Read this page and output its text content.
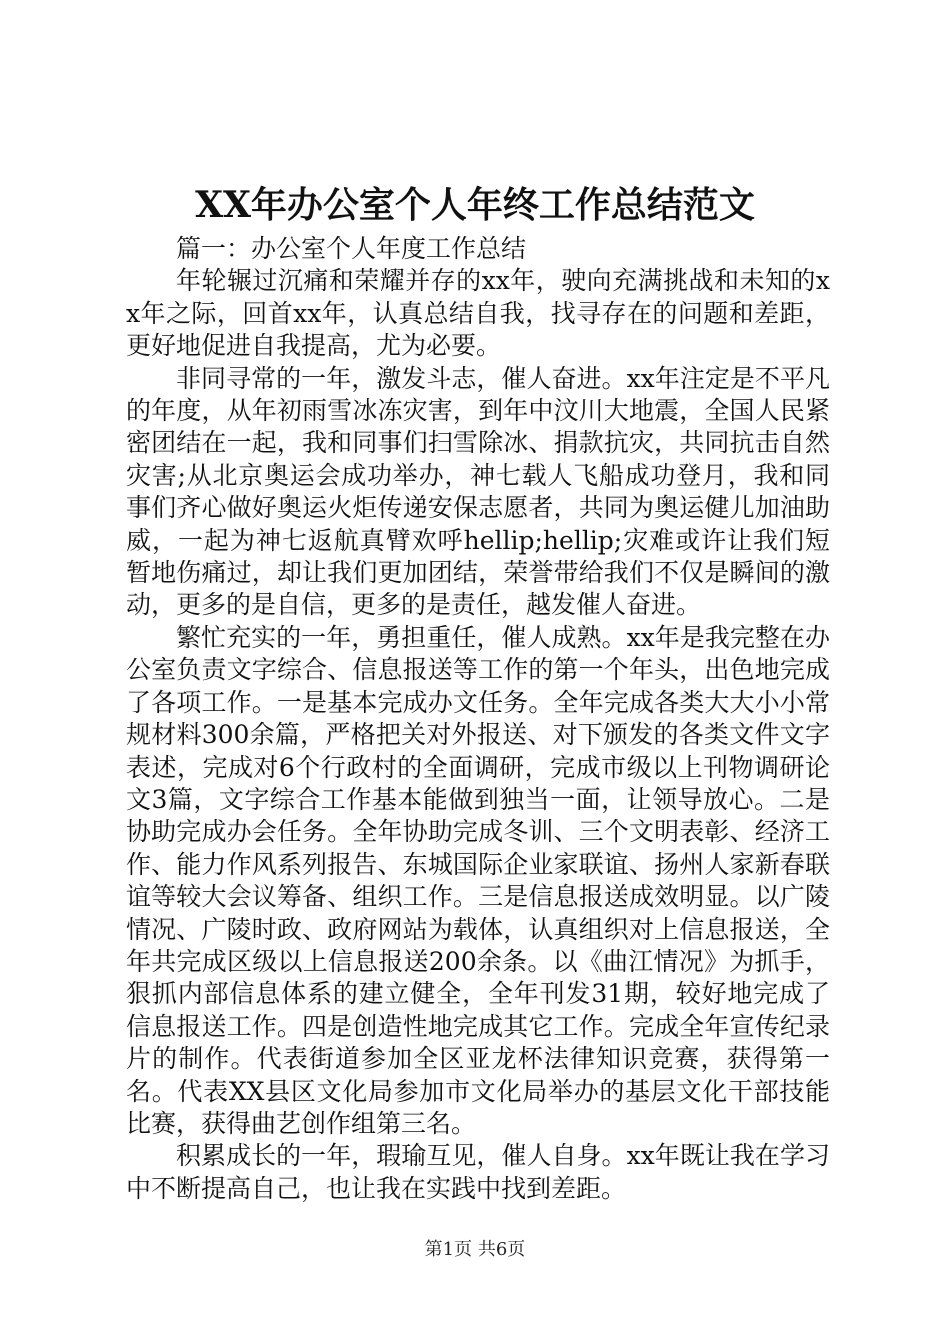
XX年办公室个人年终工作总结范文

篇一：办公室个人年度工作总结

年轮辗过沉痛和荣耀并存的xx年，驶向充满挑战和未知的xx年之际，回首xx年，认真总结自我，找寻存在的问题和差距，更好地促进自我提高，尤为必要。

非同寻常的一年，激发斗志，催人奋进。xx年注定是不平凡的年度，从年初雨雪冰冻灾害，到年中汶川大地震，全国人民紧密团结在一起，我和同事们扫雪除冰、捐款抗灾，共同抗击自然灾害;从北京奥运会成功举办，神七载人飞船成功登月，我和同事们齐心做好奥运火炬传递安保志愿者，共同为奥运健儿加油助威，一起为神七返航真臂欢呼hellip;hellip;灾难或许让我们短暂地伤痛过，却让我们更加团结，荣誉带给我们不仅是瞬间的激动，更多的是自信，更多的是责任，越发催人奋进。

繁忙充实的一年，勇担重任，催人成熟。xx年是我完整在办公室负责文字综合、信息报送等工作的第一个年头，出色地完成了各项工作。一是基本完成办文任务。全年完成各类大大小小常规材料300余篇，严格把关对外报送、对下颁发的各类文件文字表述，完成对6个行政村的全面调研，完成市级以上刊物调研论文3篇，文字综合工作基本能做到独当一面，让领导放心。二是协助完成办会任务。全年协助完成冬训、三个文明表彰、经济工作、能力作风系列报告、东城国际企业家联谊、扬州人家新春联谊等较大会议筹备、组织工作。三是信息报送成效明显。以广陵情况、广陵时政、政府网站为载体，认真组织对上信息报送，全年共完成区级以上信息报送200余条。以《曲江情况》为抓手，狠抓内部信息体系的建立健全，全年刊发31期，较好地完成了信息报送工作。四是创造性地完成其它工作。完成全年宣传纪录片的制作。代表街道参加全区亚龙杯法律知识竞赛，获得第一名。代表XX县区文化局参加市文化局举办的基层文化干部技能比赛，获得曲艺创作组第三名。

积累成长的一年，瑕瑜互见，催人自身。xx年既让我在学习中不断提高自己，也让我在实践中找到差距。

第1页 共6页
